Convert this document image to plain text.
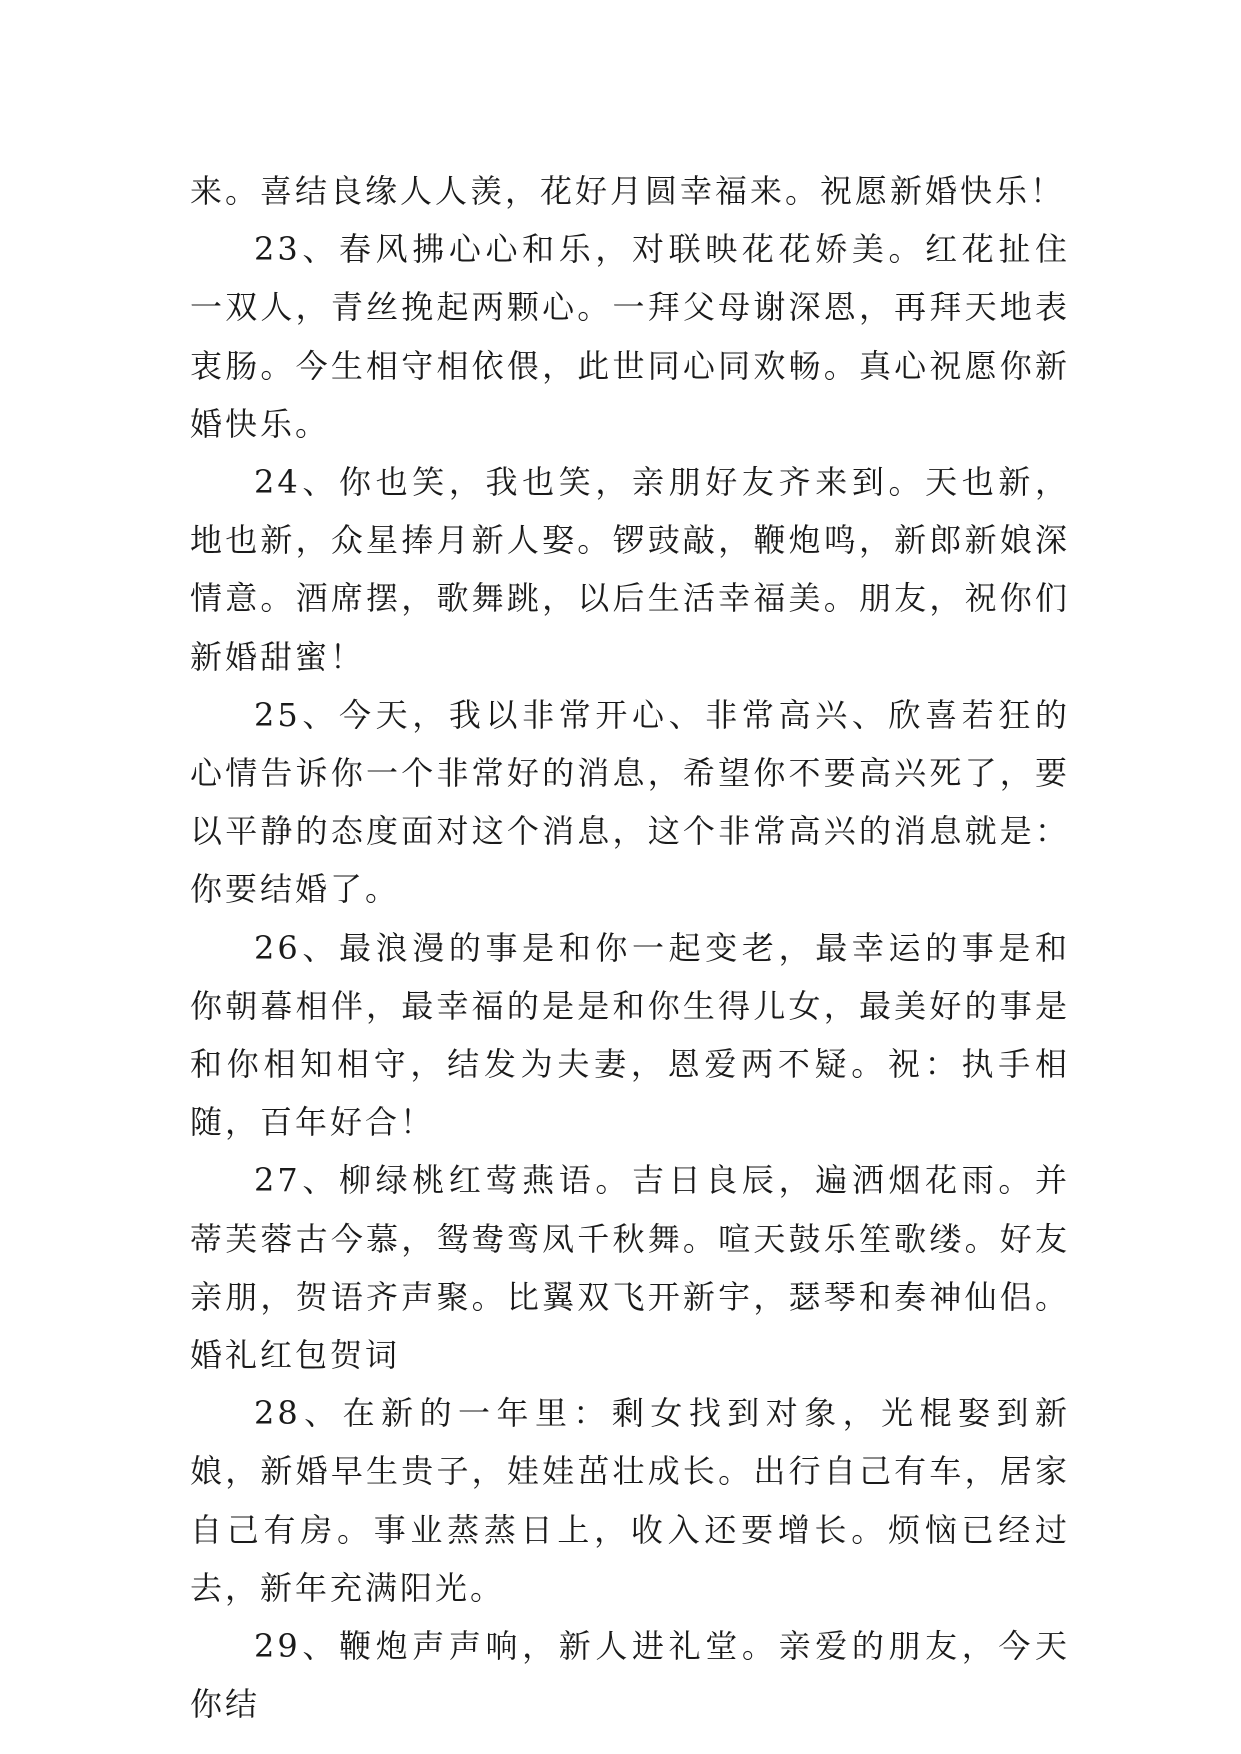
来。喜结良缘人人羡，花好月圆幸福来。祝愿新婚快乐！

23、春风拂心心和乐，对联映花花娇美。红花扯住一双人，青丝挽起两颗心。一拜父母谢深恩，再拜天地表衷肠。今生相守相依偎，此世同心同欢畅。真心祝愿你新婚快乐。

24、你也笑，我也笑，亲朋好友齐来到。天也新，地也新，众星捧月新人娶。锣豉敲，鞭炮鸣，新郎新娘深情意。酒席摆，歌舞跳，以后生活幸福美。朋友，祝你们新婚甜蜜！

25、今天，我以非常开心、非常高兴、欣喜若狂的心情告诉你一个非常好的消息，希望你不要高兴死了，要以平静的态度面对这个消息，这个非常高兴的消息就是：你要结婚了。

26、最浪漫的事是和你一起变老，最幸运的事是和你朝暮相伴，最幸福的是是和你生得儿女，最美好的事是和你相知相守，结发为夫妻，恩爱两不疑。祝：执手相随，百年好合！

27、柳绿桃红莺燕语。吉日良辰，遍洒烟花雨。并蒂芙蓉古今慕，鸳鸯鸾凤千秋舞。喧天鼓乐笙歌缕。好友亲朋，贺语齐声聚。比翼双飞开新宇，瑟琴和奏神仙侣。婚礼红包贺词

28、在新的一年里：剩女找到对象，光棍娶到新娘，新婚早生贵子，娃娃茁壮成长。出行自己有车，居家自己有房。事业蒸蒸日上，收入还要增长。烦恼已经过去，新年充满阳光。

29、鞭炮声声响，新人进礼堂。亲爱的朋友，今天你结
